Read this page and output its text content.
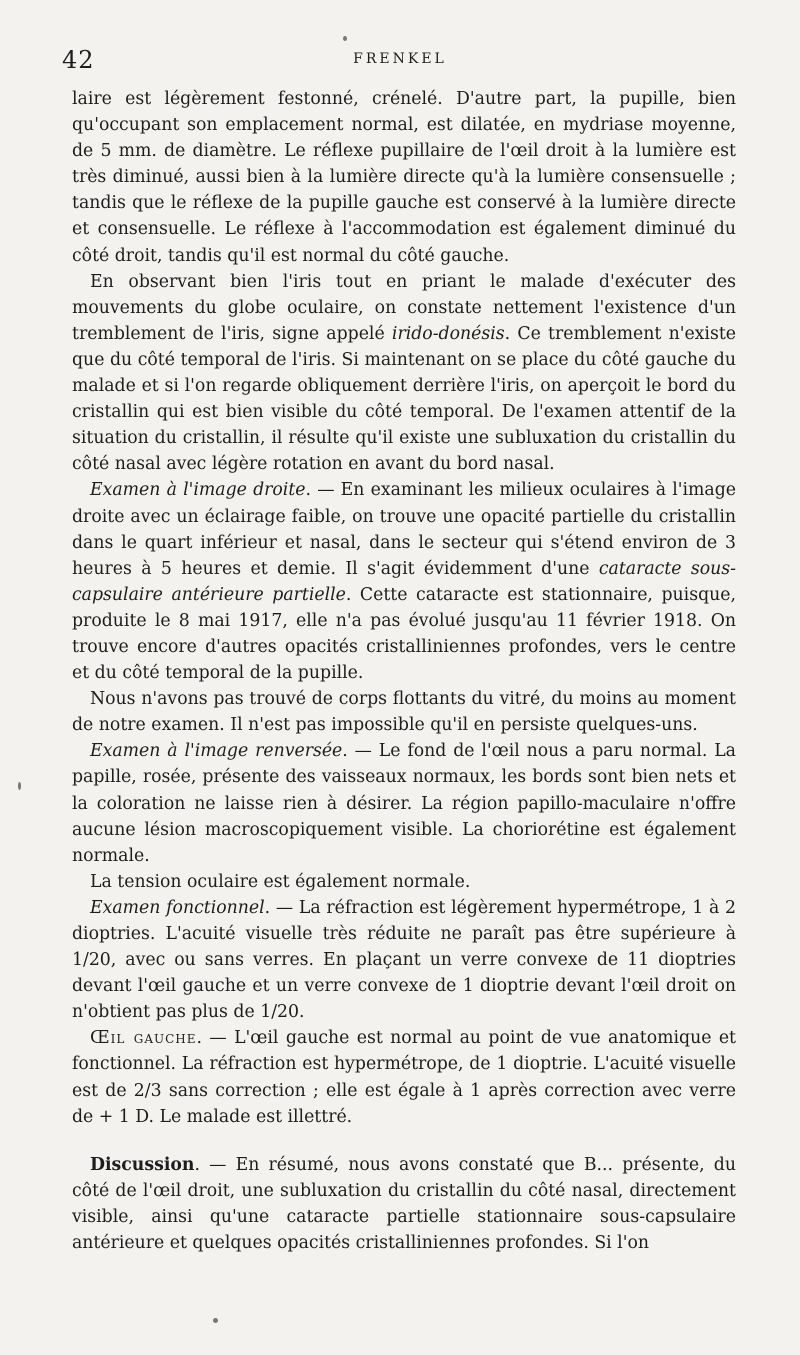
42	FRENKEL

laire est légèrement festonné, crénelé. D'autre part, la pupille, bien qu'occupant son emplacement normal, est dilatée, en mydriase moyenne, de 5 mm. de diamètre. Le réflexe pupillaire de l'œil droit à la lumière est très diminué, aussi bien à la lumière directe qu'à la lumière consensuelle ; tandis que le réflexe de la pupille gauche est conservé à la lumière directe et consensuelle. Le réflexe à l'accommodation est également diminué du côté droit, tandis qu'il est normal du côté gauche.

En observant bien l'iris tout en priant le malade d'exécuter des mouvements du globe oculaire, on constate nettement l'existence d'un tremblement de l'iris, signe appelé irido-donésis. Ce tremblement n'existe que du côté temporal de l'iris. Si maintenant on se place du côté gauche du malade et si l'on regarde obliquement derrière l'iris, on aperçoit le bord du cristallin qui est bien visible du côté temporal. De l'examen attentif de la situation du cristallin, il résulte qu'il existe une subluxation du cristallin du côté nasal avec légère rotation en avant du bord nasal.

Examen à l'image droite. — En examinant les milieux oculaires à l'image droite avec un éclairage faible, on trouve une opacité partielle du cristallin dans le quart inférieur et nasal, dans le secteur qui s'étend environ de 3 heures à 5 heures et demie. Il s'agit évidemment d'une cataracte sous-capsulaire antérieure partielle. Cette cataracte est stationnaire, puisque, produite le 8 mai 1917, elle n'a pas évolué jusqu'au 11 février 1918. On trouve encore d'autres opacités cristalliniennes profondes, vers le centre et du côté temporal de la pupille.

Nous n'avons pas trouvé de corps flottants du vitré, du moins au moment de notre examen. Il n'est pas impossible qu'il en persiste quelques-uns.

Examen à l'image renversée. — Le fond de l'œil nous a paru normal. La papille, rosée, présente des vaisseaux normaux, les bords sont bien nets et la coloration ne laisse rien à désirer. La région papillo-maculaire n'offre aucune lésion macroscopiquement visible. La choriorétine est également normale.

La tension oculaire est également normale.

Examen fonctionnel. — La réfraction est légèrement hypermétrope, 1 à 2 dioptries. L'acuité visuelle très réduite ne paraît pas être supérieure à 1/20, avec ou sans verres. En plaçant un verre convexe de 11 dioptries devant l'œil gauche et un verre convexe de 1 dioptrie devant l'œil droit on n'obtient pas plus de 1/20.

Œil gauche. — L'œil gauche est normal au point de vue anatomique et fonctionnel. La réfraction est hypermétrope, de 1 dioptrie. L'acuité visuelle est de 2/3 sans correction ; elle est égale à 1 après correction avec verre de + 1 D. Le malade est illettré.

Discussion. — En résumé, nous avons constaté que B... présente, du côté de l'œil droit, une subluxation du cristallin du côté nasal, directement visible, ainsi qu'une cataracte partielle stationnaire sous-capsulaire antérieure et quelques opacités cristalliniennes profondes. Si l'on
